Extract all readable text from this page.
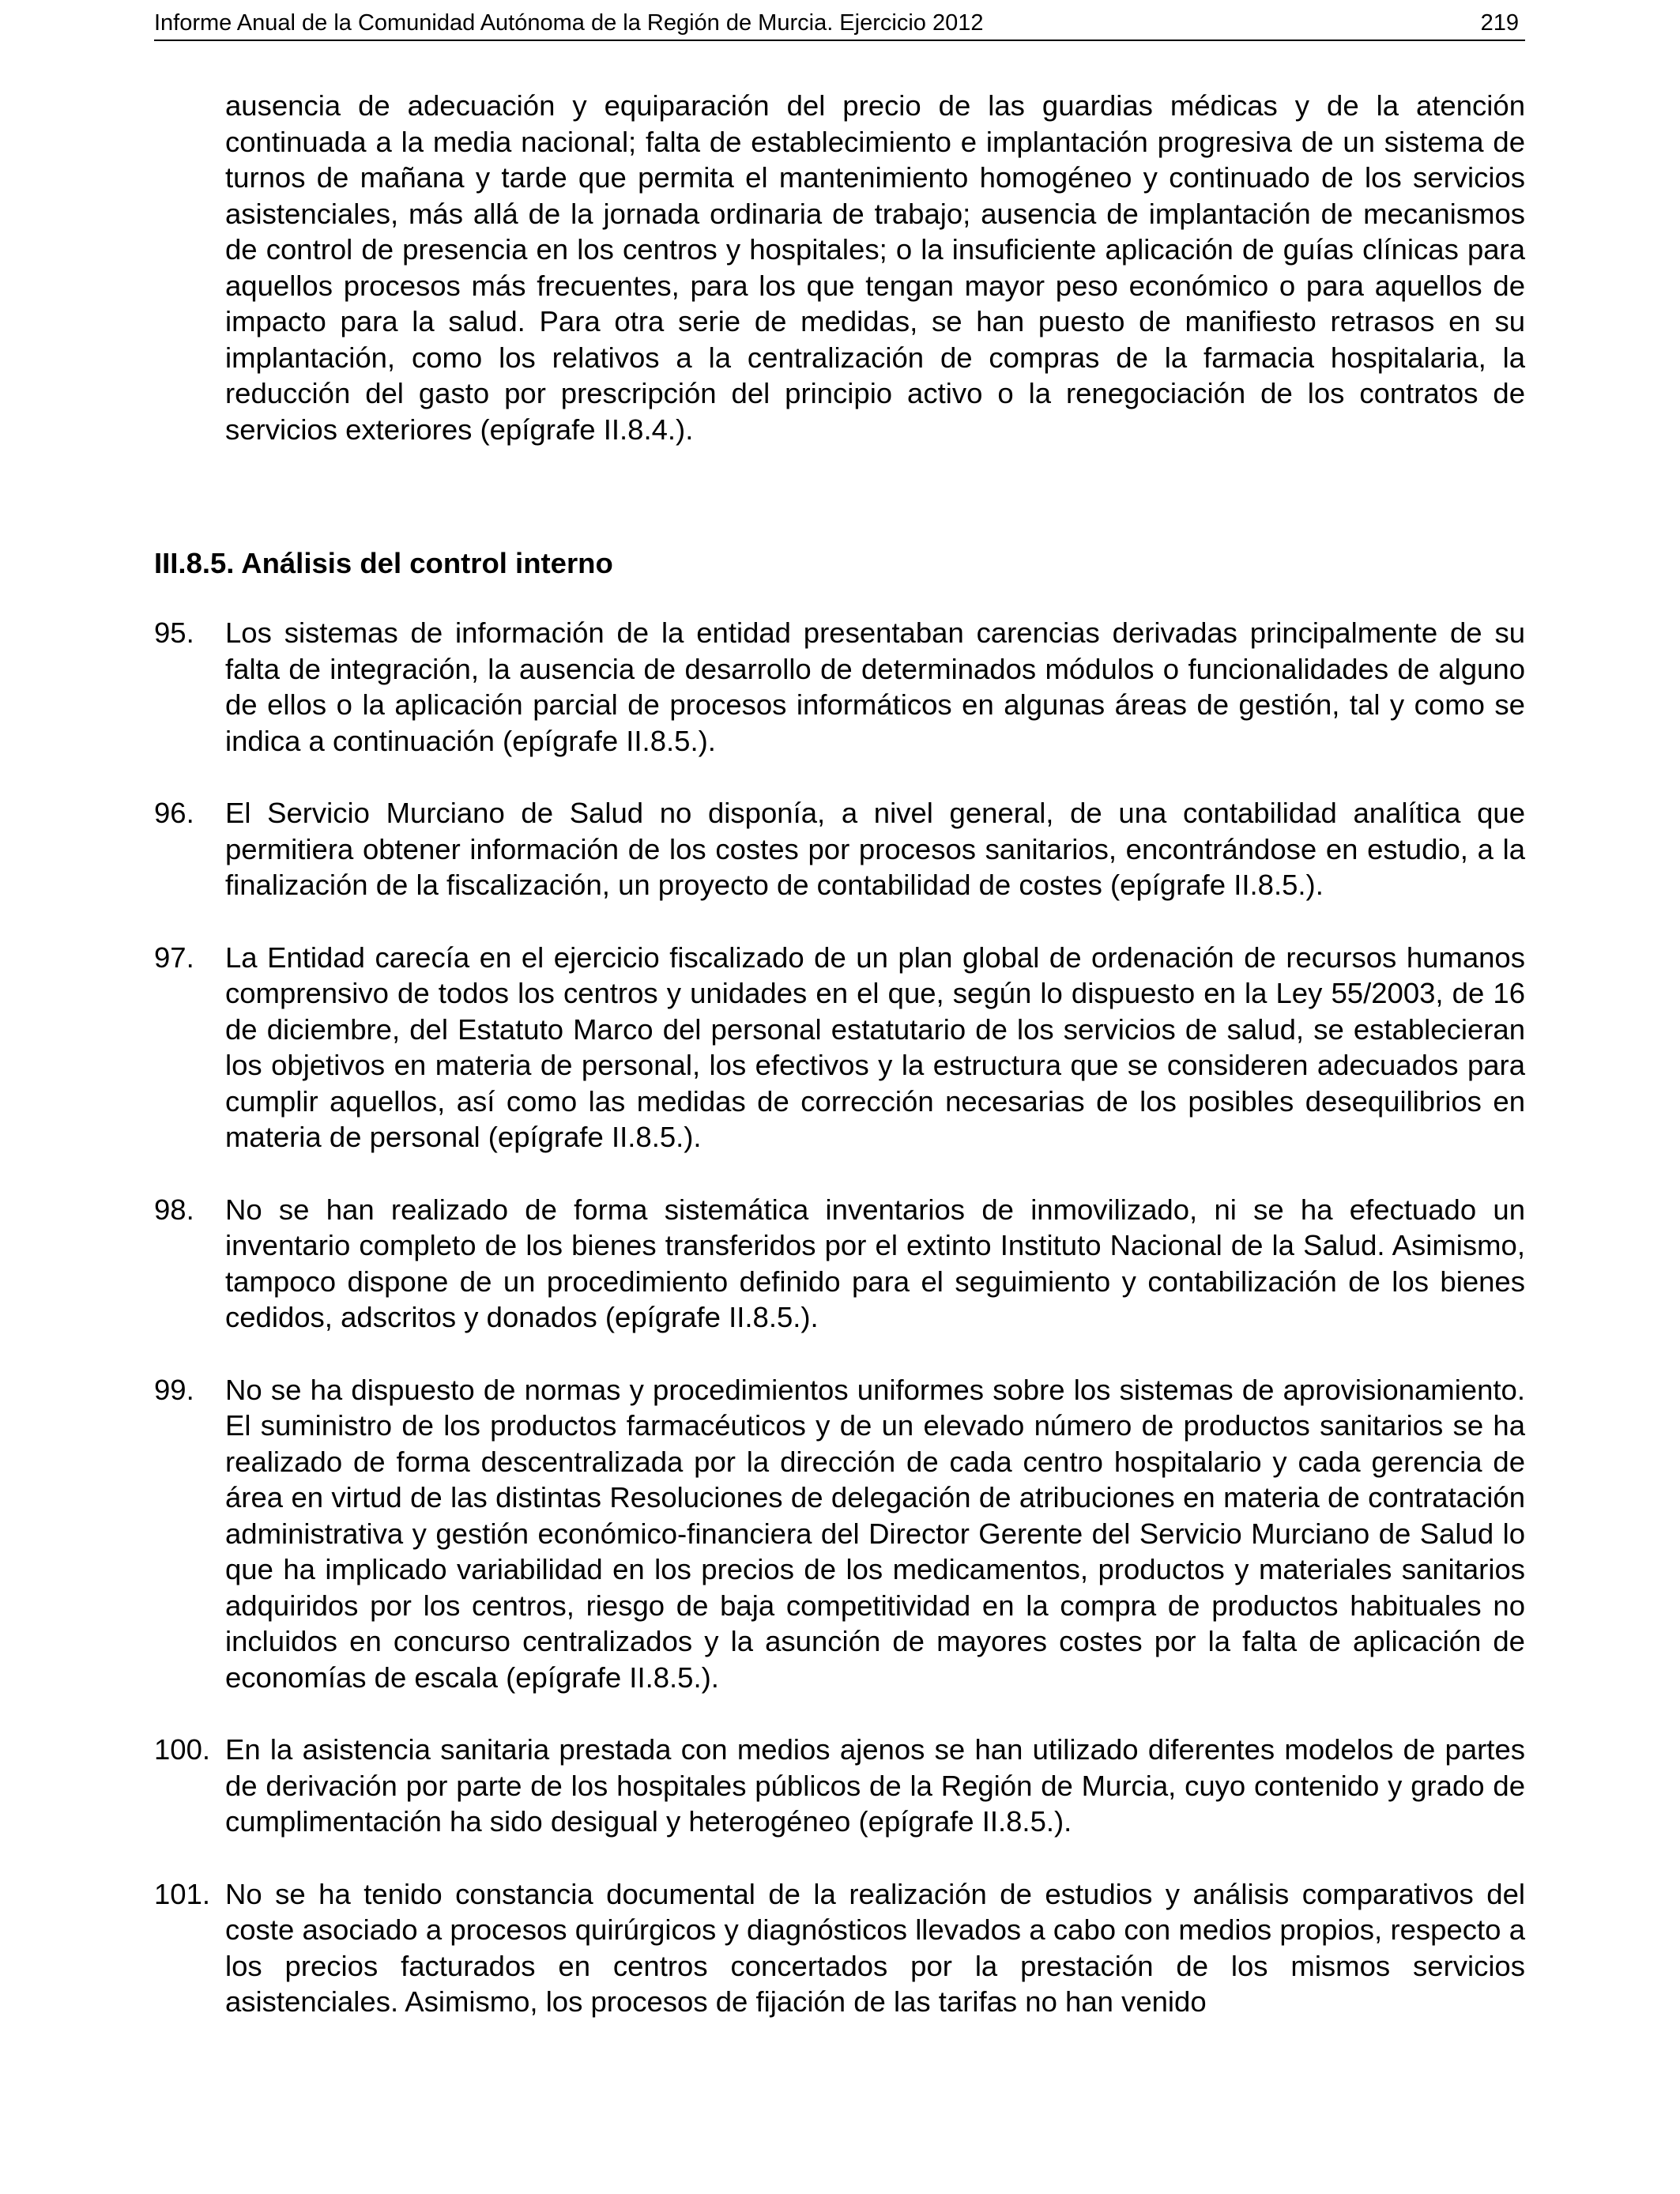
Informe Anual de la Comunidad Autónoma de la Región de Murcia. Ejercicio 2012	219

ausencia de adecuación y equiparación del precio de las guardias médicas y de la atención continuada a la media nacional; falta de establecimiento e implantación progresiva de un sistema de turnos de mañana y tarde que permita el mantenimiento homogéneo y continuado de los servicios asistenciales, más allá de la jornada ordinaria de trabajo; ausencia de implantación de mecanismos de control de presencia en los centros y hospitales; o la insuficiente aplicación de guías clínicas para aquellos procesos más frecuentes, para los que tengan mayor peso económico o para aquellos de impacto para la salud. Para otra serie de medidas, se han puesto de manifiesto retrasos en su implantación, como los relativos a la centralización de compras de la farmacia hospitalaria, la reducción del gasto por prescripción del principio activo o la renegociación de los contratos de servicios exteriores (epígrafe II.8.4.).

III.8.5. Análisis del control interno
95. Los sistemas de información de la entidad presentaban carencias derivadas principalmente de su falta de integración, la ausencia de desarrollo de determinados módulos o funcionalidades de alguno de ellos o la aplicación parcial de procesos informáticos en algunas áreas de gestión, tal y como se indica a continuación (epígrafe II.8.5.).

96. El Servicio Murciano de Salud no disponía, a nivel general, de una contabilidad analítica que permitiera obtener información de los costes por procesos sanitarios, encontrándose en estudio, a la finalización de la fiscalización, un proyecto de contabilidad de costes (epígrafe II.8.5.).

97. La Entidad carecía en el ejercicio fiscalizado de un plan global de ordenación de recursos humanos comprensivo de todos los centros y unidades en el que, según lo dispuesto en la Ley 55/2003, de 16 de diciembre, del Estatuto Marco del personal estatutario de los servicios de salud, se establecieran los objetivos en materia de personal, los efectivos y la estructura que se consideren adecuados para cumplir aquellos, así como las medidas de corrección necesarias de los posibles desequilibrios en materia de personal (epígrafe II.8.5.).

98. No se han realizado de forma sistemática inventarios de inmovilizado, ni se ha efectuado un inventario completo de los bienes transferidos por el extinto Instituto Nacional de la Salud. Asimismo, tampoco dispone de un procedimiento definido para el seguimiento y contabilización de los bienes cedidos, adscritos y donados (epígrafe II.8.5.).

99. No se ha dispuesto de normas y procedimientos uniformes sobre los sistemas de aprovisionamiento. El suministro de los productos farmacéuticos y de un elevado número de productos sanitarios se ha realizado de forma descentralizada por la dirección de cada centro hospitalario y cada gerencia de área en virtud de las distintas Resoluciones de delegación de atribuciones en materia de contratación administrativa y gestión económico-financiera del Director Gerente del Servicio Murciano de Salud lo que ha implicado variabilidad en los precios de los medicamentos, productos y materiales sanitarios adquiridos por los centros, riesgo de baja competitividad en la compra de productos habituales no incluidos en concurso centralizados y la asunción de mayores costes por la falta de aplicación de economías de escala (epígrafe II.8.5.).

100. En la asistencia sanitaria prestada con medios ajenos se han utilizado diferentes modelos de partes de derivación por parte de los hospitales públicos de la Región de Murcia, cuyo contenido y grado de cumplimentación ha sido desigual y heterogéneo (epígrafe II.8.5.).

101. No se ha tenido constancia documental de la realización de estudios y análisis comparativos del coste asociado a procesos quirúrgicos y diagnósticos llevados a cabo con medios propios, respecto a los precios facturados en centros concertados por la prestación de los mismos servicios asistenciales. Asimismo, los procesos de fijación de las tarifas no han venido
